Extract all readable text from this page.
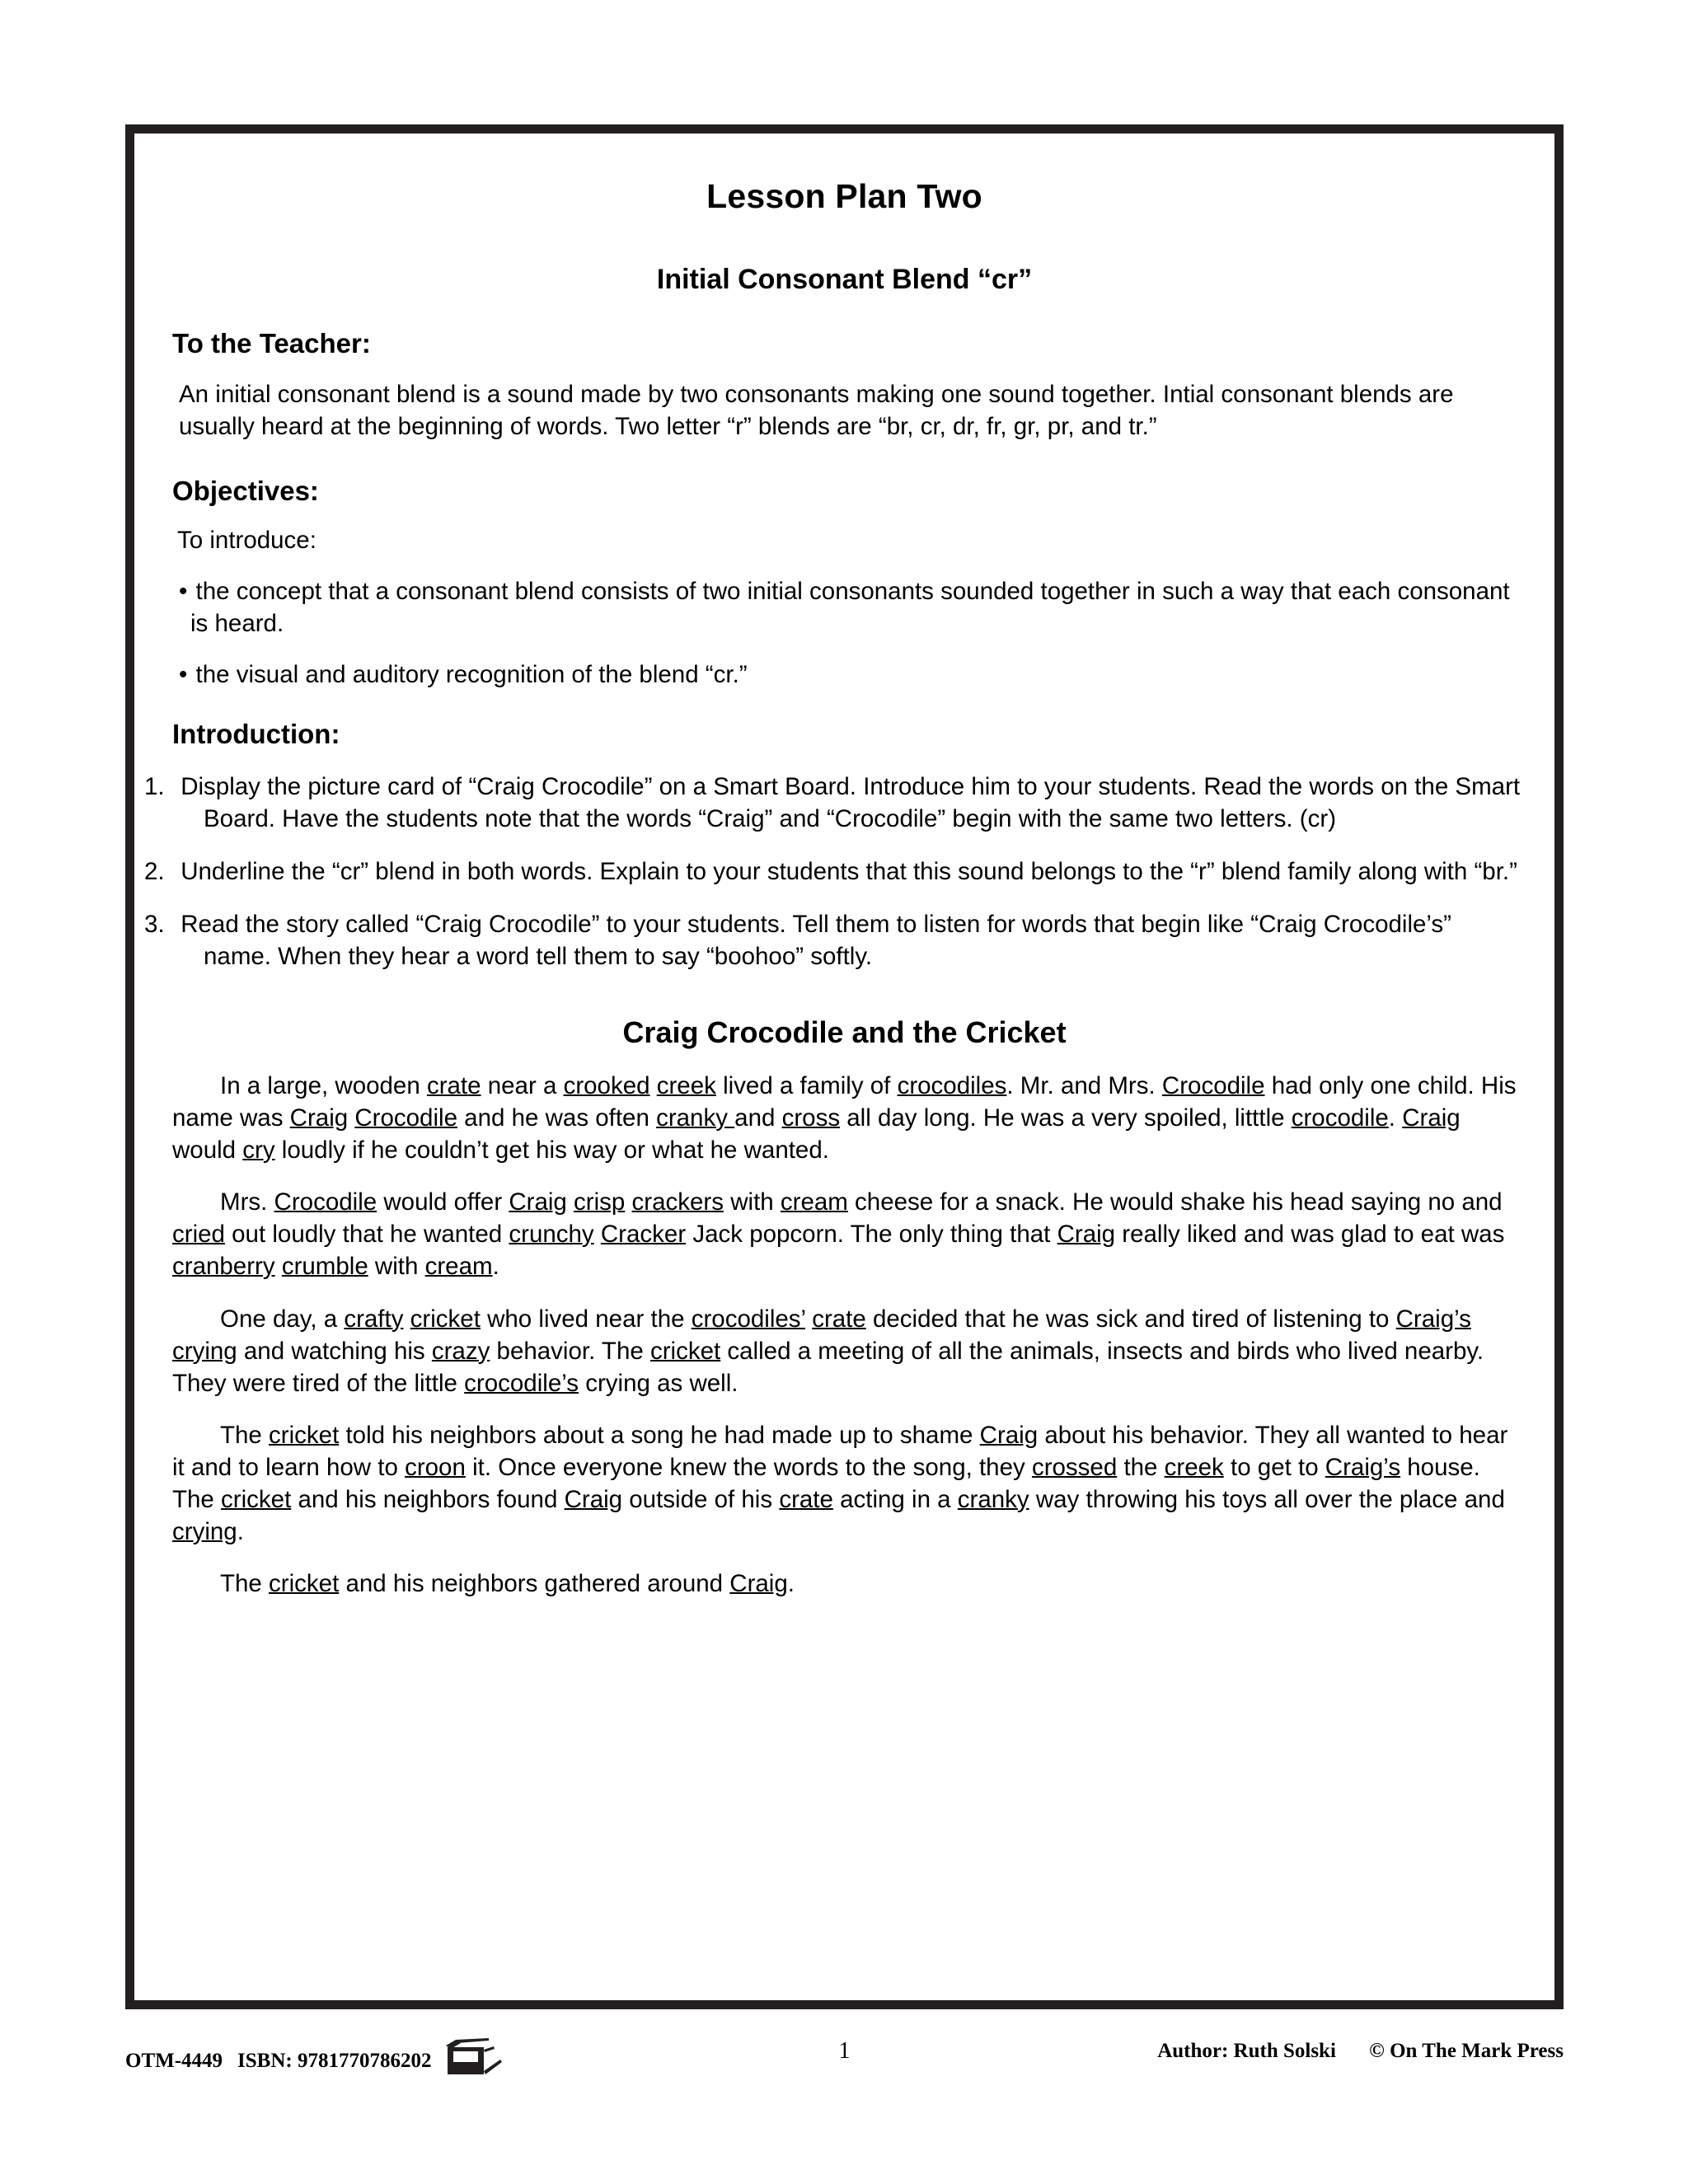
Lesson Plan Two
Initial Consonant Blend “cr”
To the Teacher:

An initial consonant blend is a sound made by two consonants making one sound together. Intial consonant blends are usually heard at the beginning of words. Two letter “r” blends are “br, cr, dr, fr, gr, pr, and tr.”

Objectives:

To introduce:

• the concept that a consonant blend consists of two initial consonants sounded together in such a way that each consonant is heard.

• the visual and auditory recognition of the blend “cr.”

Introduction:

1. Display the picture card of “Craig Crocodile” on a Smart Board. Introduce him to your students. Read the words on the Smart Board. Have the students note that the words “Craig” and “Crocodile” begin with the same two letters. (cr)

2. Underline the “cr” blend in both words. Explain to your students that this sound belongs to the “r” blend family along with “br.”

3. Read the story called “Craig Crocodile” to your students. Tell them to listen for words that begin like “Craig Crocodile’s” name. When they hear a word tell them to say “boohoo” softly.

Craig Crocodile and the Cricket

In a large, wooden crate near a crooked creek lived a family of crocodiles. Mr. and Mrs. Crocodile had only one child. His name was Craig Crocodile and he was often cranky and cross all day long. He was a very spoiled, litttle crocodile. Craig would cry loudly if he couldn’t get his way or what he wanted.

Mrs. Crocodile would offer Craig crisp crackers with cream cheese for a snack. He would shake his head saying no and cried out loudly that he wanted crunchy Cracker Jack popcorn. The only thing that Craig really liked and was glad to eat was cranberry crumble with cream.

One day, a crafty cricket who lived near the crocodiles’ crate decided that he was sick and tired of listening to Craig’s crying and watching his crazy behavior. The cricket called a meeting of all the animals, insects and birds who lived nearby. They were tired of the little crocodile’s crying as well.

The cricket told his neighbors about a song he had made up to shame Craig about his behavior. They all wanted to hear it and to learn how to croon it. Once everyone knew the words to the song, they crossed the creek to get to Craig’s house. The cricket and his neighbors found Craig outside of his crate acting in a cranky way throwing his toys all over the place and crying.

The cricket and his neighbors gathered around Craig.

OTM-4449 ISBN: 9781770786202	1	Author: Ruth Solski © On The Mark Press
